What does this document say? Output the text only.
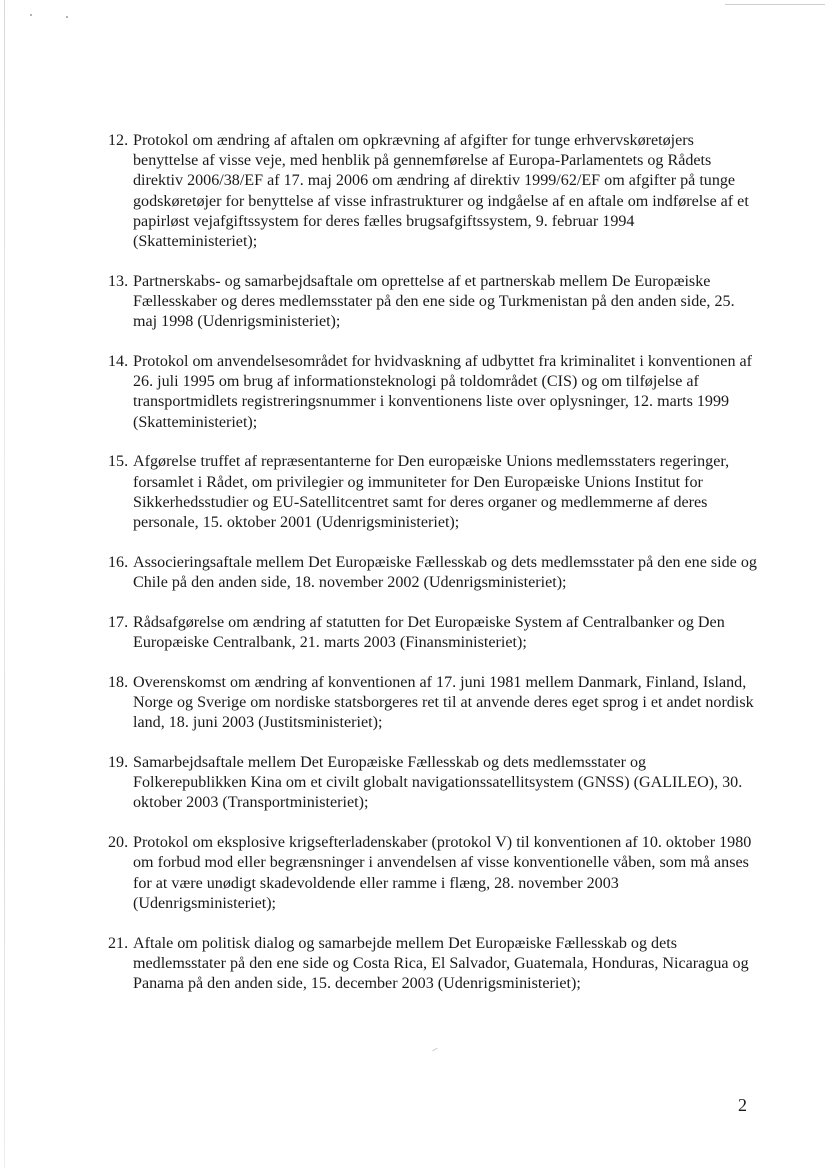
12. Protokol om ændring af aftalen om opkrævning af afgifter for tunge erhvervskøretøjers benyttelse af visse veje, med henblik på gennemførelse af Europa-Parlamentets og Rådets direktiv 2006/38/EF af 17. maj 2006 om ændring af direktiv 1999/62/EF om afgifter på tunge godskøretøjer for benyttelse af visse infrastrukturer og indgåelse af en aftale om indførelse af et papirløst vejafgiftssystem for deres fælles brugsafgiftssystem, 9. februar 1994 (Skatteministeriet);
13. Partnerskabs- og samarbejdsaftale om oprettelse af et partnerskab mellem De Europæiske Fællesskaber og deres medlemsstater på den ene side og Turkmenistan på den anden side, 25. maj 1998 (Udenrigsministeriet);
14. Protokol om anvendelsesområdet for hvidvaskning af udbyttet fra kriminalitet i konventionen af 26. juli 1995 om brug af informationsteknologi på toldområdet (CIS) og om tilføjelse af transportmidlets registreringsnummer i konventionens liste over oplysninger, 12. marts 1999 (Skatteministeriet);
15. Afgørelse truffet af repræsentanterne for Den europæiske Unions medlemsstaters regeringer, forsamlet i Rådet, om privilegier og immuniteter for Den Europæiske Unions Institut for Sikkerhedsstudier og EU-Satellitcentret samt for deres organer og medlemmerne af deres personale, 15. oktober 2001 (Udenrigsministeriet);
16. Associeringsaftale mellem Det Europæiske Fællesskab og dets medlemsstater på den ene side og Chile på den anden side, 18. november 2002 (Udenrigsministeriet);
17. Rådsafgørelse om ændring af statutten for Det Europæiske System af Centralbanker og Den Europæiske Centralbank, 21. marts 2003 (Finansministeriet);
18. Overenskomst om ændring af konventionen af 17. juni 1981 mellem Danmark, Finland, Island, Norge og Sverige om nordiske statsborgeres ret til at anvende deres eget sprog i et andet nordisk land, 18. juni 2003 (Justitsministeriet);
19. Samarbejdsaftale mellem Det Europæiske Fællesskab og dets medlemsstater og Folkerepublikken Kina om et civilt globalt navigationssatellitsystem (GNSS) (GALILEO), 30. oktober 2003 (Transportministeriet);
20. Protokol om eksplosive krigsefterladenskaber (protokol V) til konventionen af 10. oktober 1980 om forbud mod eller begrænsninger i anvendelsen af visse konventionelle våben, som må anses for at være unødigt skadevoldende eller ramme i flæng, 28. november 2003 (Udenrigsministeriet);
21. Aftale om politisk dialog og samarbejde mellem Det Europæiske Fællesskab og dets medlemsstater på den ene side og Costa Rica, El Salvador, Guatemala, Honduras, Nicaragua og Panama på den anden side, 15. december 2003 (Udenrigsministeriet);
2
